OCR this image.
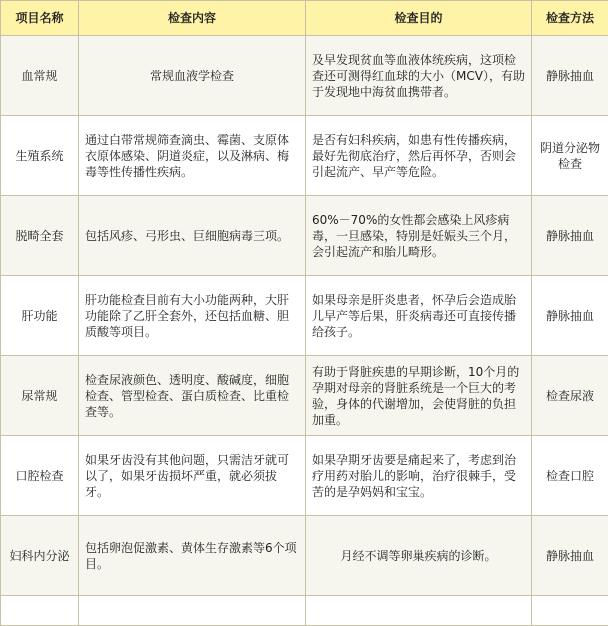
项目名称	检查内容	检查目的	检查方法
血常规	常规血液学检查	及早发现贫血等血液体统疾病，这项检查还可测得红血球的大小（MCV），有助于发现地中海贫血携带者。	静脉抽血
生殖系统	通过白带常规筛查滴虫、霉菌、支原体衣原体感染、阴道炎症，以及淋病、梅毒等性传播性疾病。	是否有妇科疾病，如患有性传播疾病，最好先彻底治疗，然后再怀孕，否则会引起流产、早产等危险。	阴道分泌物检查
脱畸全套	包括风疹、弓形虫、巨细胞病毒三项。	60%－70%的女性都会感染上风疹病毒，一旦感染，特别是妊娠头三个月，会引起流产和胎儿畸形。	静脉抽血
肝功能	肝功能检查目前有大小功能两种，大肝功能除了乙肝全套外，还包括血糖、胆质酸等项目。	如果母亲是肝炎患者，怀孕后会造成胎儿早产等后果，肝炎病毒还可直接传播给孩子。	静脉抽血
尿常规	检查尿液颜色、透明度、酸碱度，细胞检查、管型检查、蛋白质检查、比重检查等。	有助于肾脏疾患的早期诊断，10个月的孕期对母亲的肾脏系统是一个巨大的考验，身体的代谢增加，会使肾脏的负担加重。	检查尿液
口腔检查	如果牙齿没有其他问题，只需洁牙就可以了，如果牙齿损坏严重，就必须拔牙。	如果孕期牙齿要是痛起来了，考虑到治疗用药对胎儿的影响，治疗很棘手，受苦的是孕妈妈和宝宝。	检查口腔
妇科内分泌	包括卵泡促激素、黄体生存激素等6个项目。	月经不调等卵巢疾病的诊断。	静脉抽血
